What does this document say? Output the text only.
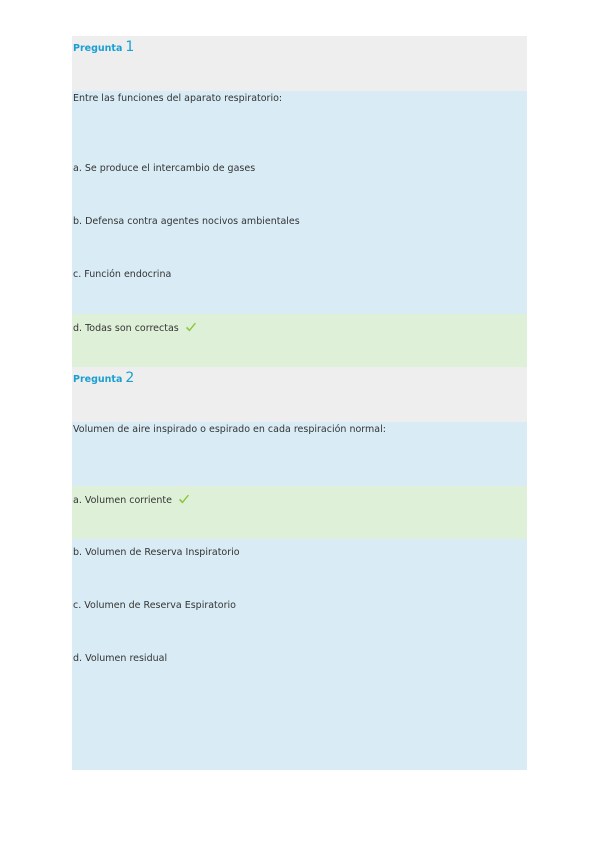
Pregunta 1
Entre las funciones del aparato respiratorio:
a. Se produce el intercambio de gases
b. Defensa contra agentes nocivos ambientales
c. Función endocrina
d. Todas son correctas
Pregunta 2
Volumen de aire inspirado o espirado en cada respiración normal:
a. Volumen corriente
b. Volumen de Reserva Inspiratorio
c. Volumen de Reserva Espiratorio
d. Volumen residual
